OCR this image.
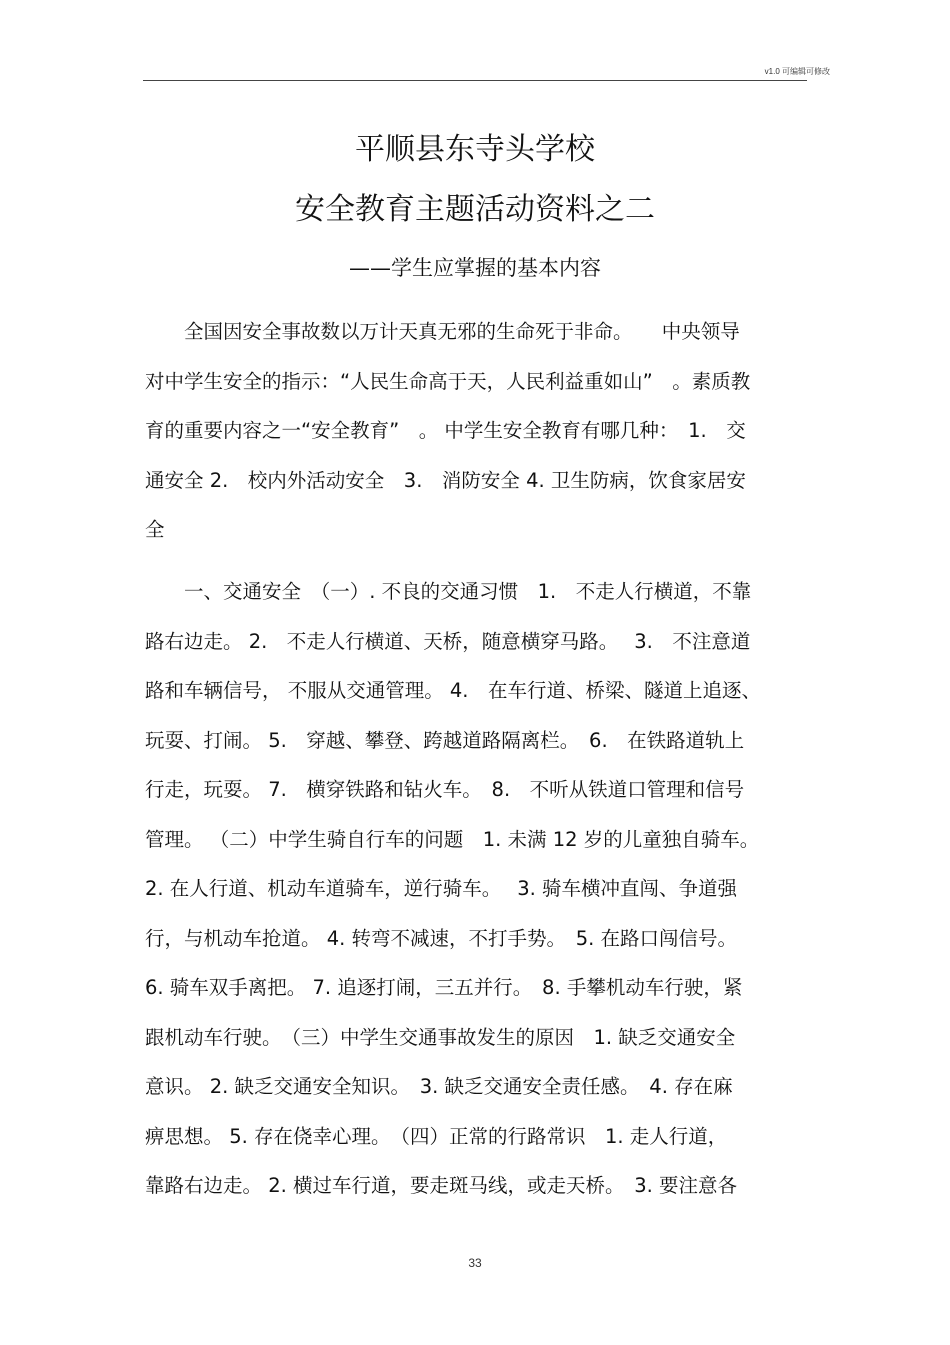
v1.0 可编辑可修改
平顺县东寺头学校
安全教育主题活动资料之二
——学生应掌握的基本内容
　　全国因安全事故数以万计天真无邪的生命死于非命。　　中央领导
对中学生安全的指示：“人民生命高于天，人民利益重如山”　。素质教
育的重要内容之一“安全教育”　。 中学生安全教育有哪几种：　1.　交
通安全 2.　校内外活动安全　3.　消防安全 4. 卫生防病，饮食家居安
全
　　一、交通安全　（一）. 不良的交通习惯　1.　不走人行横道，不靠
路右边走。 2.　不走人行横道、天桥，随意横穿马路。　 3.　不注意道
路和车辆信号， 不服从交通管理。 4.　在车行道、桥梁、隧道上追逐、
玩耍、打闹。 5.　穿越、攀登、跨越道路隔离栏。　6.　在铁路道轨上
行走，玩耍。 7.　横穿铁路和钻火车。　8.　不听从铁道口管理和信号
管理。 （二）中学生骑自行车的问题　1. 未满 12 岁的儿童独自骑车。
2. 在人行道、机动车道骑车，逆行骑车。　 3. 骑车横冲直闯、争道强
行，与机动车抢道。 4. 转弯不减速，不打手势。　5. 在路口闯信号。
6. 骑车双手离把。 7. 追逐打闹，三五并行。　8. 手攀机动车行驶，紧
跟机动车行驶。　（三）中学生交通事故发生的原因　1. 缺乏交通安全
意识。 2. 缺乏交通安全知识。　3. 缺乏交通安全责任感。　4. 存在麻
痹思想。 5. 存在侥幸心理。　（四）正常的行路常识　1. 走人行道，
靠路右边走。 2. 横过车行道，要走斑马线，或走天桥。　3. 要注意各
33
